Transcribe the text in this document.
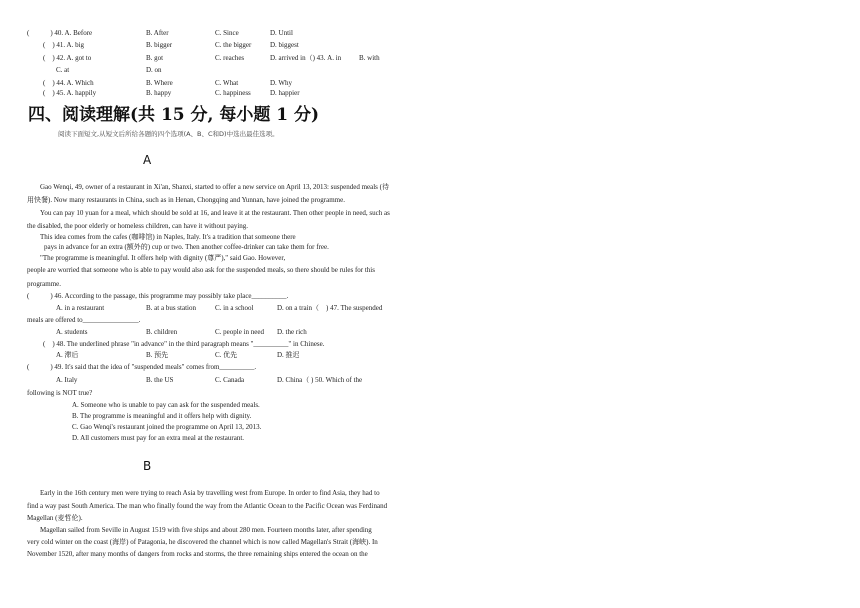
(　　　) 40. A. Before	B. After	C. Since	D. Until
(　) 41. A. big	B. bigger	C. the bigger	D. biggest
(　) 42. A. got to	B. got	C. reaches	D. arrived in（) 43. A. in	B. with
C. at	D. on
(　) 44. A. Which	B. Where	C. What	D. Why
(　) 45. A. happily	B. happy	C. happiness	D. happier
四、阅读理解(共 15 分, 每小题 1 分)
阅读下面短文,从短文后所给各题的四个选项(A、B、C和D)中选出最佳选项。
A
Gao Wenqi, 49, owner of a restaurant in Xi'an, Shanxi, started to offer a new service on April 13, 2013: suspended meals (待
用快餐). Now many restaurants in China, such as in Henan, Chongqing and Yunnan, have joined the programme.
You can pay 10 yuan for a meal, which should be sold at 16, and leave it at the restaurant. Then other people in need, such as
the disabled, the poor elderly or homeless children, can have it without paying.
This idea comes from the cafes (咖啡馆) in Naples, Italy. It's a tradition that someone there
pays in advance for an extra (额外的) cup or two. Then another coffee-drinker can take them for free.
"The programme is meaningful. It offers help with dignity (尊严)," said Gao. However,
people are worried that someone who is able to pay would also ask for the suspended meals, so there should be rules for this
programme.
(　　　) 46. According to the passage, this programme may possibly take place__________.
A. in a restaurant	B. at a bus station	C. in a school	D. on a train（　) 47. The suspended
meals are offered to________________.
A. students	B. children	C. people in need D. the rich
(　) 48. The underlined phrase "in advance" in the third paragraph means "__________" in Chinese.
A. 滞后	B. 预先	C. 优先	D. 推迟
(　　　) 49. It's said that the idea of "suspended meals" comes from__________.
A. Italy	B. the US	C. Canada	D. China（ ) 50. Which of the
following is NOT true?
A. Someone who is unable to pay can ask for the suspended meals.
B. The programme is meaningful and it offers help with dignity.
C. Gao Wenqi's restaurant joined the programme on April 13, 2013.
D. All customers must pay for an extra meal at the restaurant.
B
Early in the 16th century men were trying to reach Asia by travelling west from Europe. In order to find Asia, they had to
find a way past South America. The man who finally found the way from the Atlantic Ocean to the Pacific Ocean was Ferdinand
Magellan (麦哲伦).
Magellan sailed from Seville in August 1519 with five ships and about 280 men. Fourteen months later, after spending
very cold winter on the coast (海岸) of Patagonia, he discovered the channel which is now called Magellan's Strait (海峡). In
November 1520, after many months of dangers from rocks and storms, the three remaining ships entered the ocean on the
